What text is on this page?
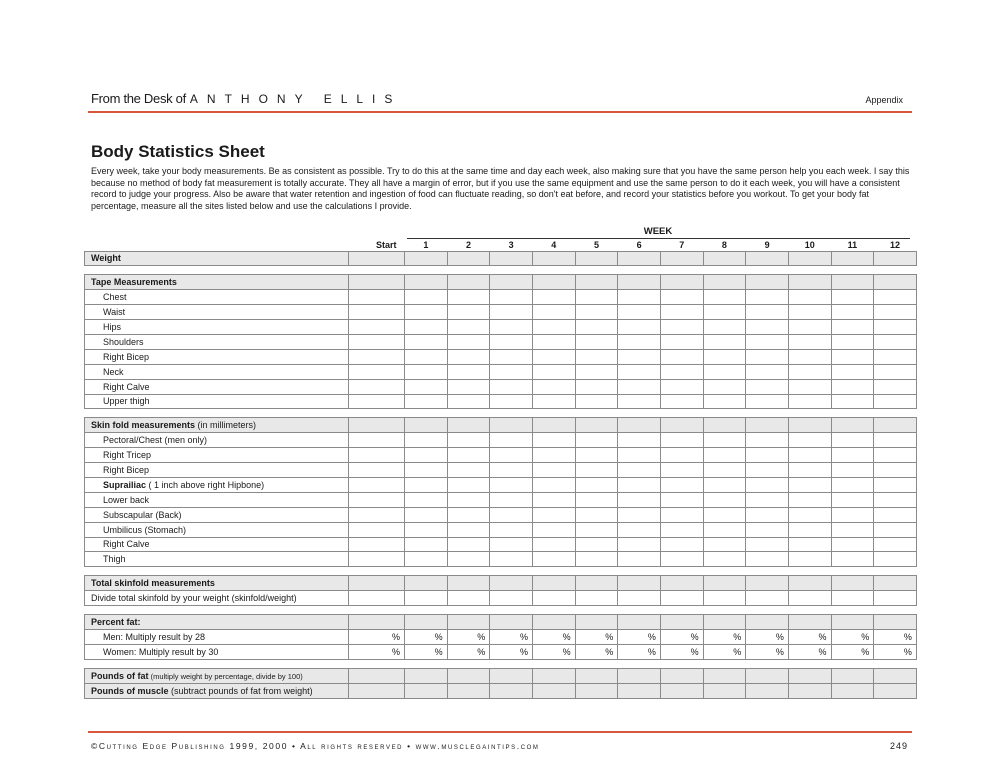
From the Desk of ANTHONY ELLIS	Appendix
Body Statistics Sheet
Every week, take your body measurements. Be as consistent as possible. Try to do this at the same time and day each week, also making sure that you have the same person help you each week. I say this because no method of body fat measurement is totally accurate. They all have a margin of error, but if you use the same equipment and use the same person to do it each week, you will have a consistent record to judge your progress. Also be aware that water retention and ingestion of food can fluctuate reading, so don't eat before, and record your statistics before you workout. To get your body fat percentage, measure all the sites listed below and use the calculations I provide.
WEEK
	Start	1	2	3	4	5	6	7	8	9	10	11	12
Weight													

Tape Measurements													
Chest													
Waist													
Hips													
Shoulders													
Right Bicep													
Neck													
Right Calve													
Upper thigh													

Skin fold measurements (in millimeters)													
Pectoral/Chest (men only)													
Right Tricep													
Right Bicep													
Suprailiac ( 1 inch above right Hipbone)													
Lower back													
Subscapular (Back)													
Umbilicus (Stomach)													
Right Calve													
Thigh													

Total skinfold measurements													
Divide total skinfold by your weight (skinfold/weight)													

Percent fat:													
Men: Multiply result by 28	%	%	%	%	%	%	%	%	%	%	%	%	%
Women: Multiply result by 30	%	%	%	%	%	%	%	%	%	%	%	%	%

Pounds of fat (multiply weight by percentage, divide by 100)													
Pounds of muscle (subtract pounds of fat from weight)													
©Cutting Edge Publishing 1999, 2000 • All rights reserved • www.musclegaintips.com	249
